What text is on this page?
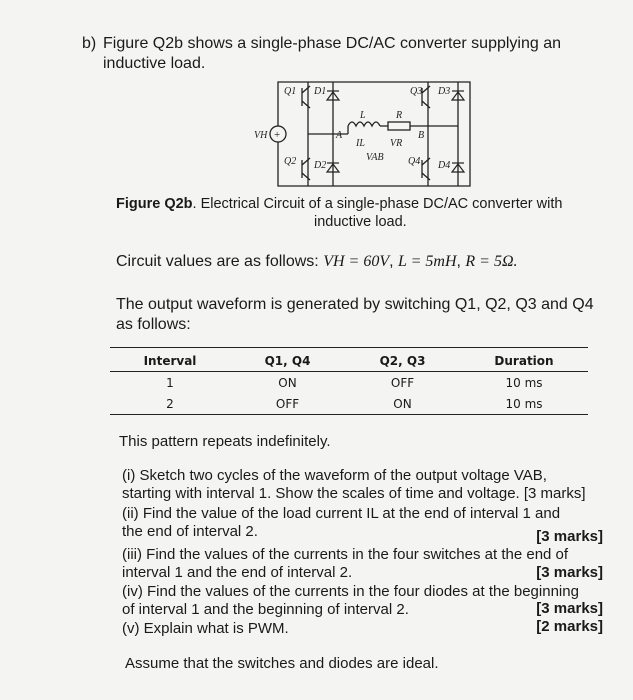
b) Figure Q2b shows a single-phase DC/AC converter supplying an
inductive load.
+
Q1 D1
Q2 D2
Q3 D3
Q4 D4
VH	A	B
L	R
IL	VR
VAB
Figure Q2b. Electrical Circuit of a single-phase DC/AC converter with
inductive load.
Circuit values are as follows: VH = 60V, L = 5mH, R = 5Ω.
The output waveform is generated by switching Q1, Q2, Q3 and Q4
as follows:
Interval	Q1, Q4	Q2, Q3	Duration
1	ON	OFF	10 ms
2	OFF	ON	10 ms
This pattern repeats indefinitely.
(i) Sketch two cycles of the waveform of the output voltage VAB,
starting with interval 1. Show the scales of time and voltage. [3 marks]
(ii) Find the value of the load current IL at the end of interval 1 and
the end of interval 2.	[3 marks]
(iii) Find the values of the currents in the four switches at the end of
interval 1 and the end of interval 2.	[3 marks]
(iv) Find the values of the currents in the four diodes at the beginning
of interval 1 and the beginning of interval 2.	[3 marks]
(v) Explain what is PWM.	[2 marks]
Assume that the switches and diodes are ideal.
